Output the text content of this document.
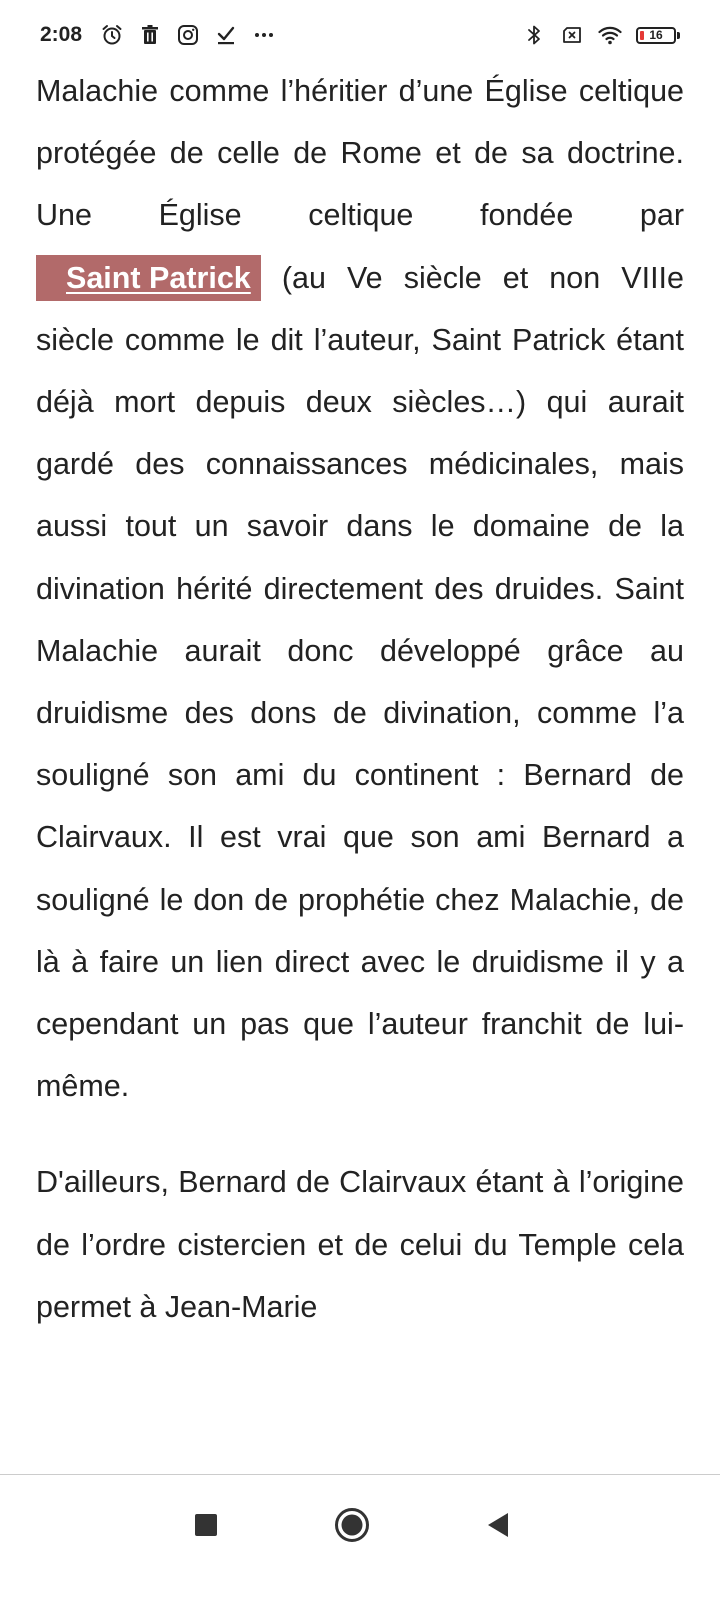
2:08	16

Malachie comme l’héritier d’une Église celtique protégée de celle de Rome et de sa doctrine. Une Église celtique fondée par Saint Patrick (au Ve siècle et non VIIIe siècle comme le dit l’auteur, Saint Patrick étant déjà mort depuis deux siècles…) qui aurait gardé des connaissances médicinales, mais aussi tout un savoir dans le domaine de la divination hérité directement des druides. Saint Malachie aurait donc développé grâce au druidisme des dons de divination, comme l’a souligné son ami du continent : Bernard de Clairvaux. Il est vrai que son ami Bernard a souligné le don de prophétie chez Malachie, de là à faire un lien direct avec le druidisme il y a cependant un pas que l’auteur franchit de lui-même.

D'ailleurs, Bernard de Clairvaux étant à l’origine de l’ordre cistercien et de celui du Temple cela permet à Jean-Marie
